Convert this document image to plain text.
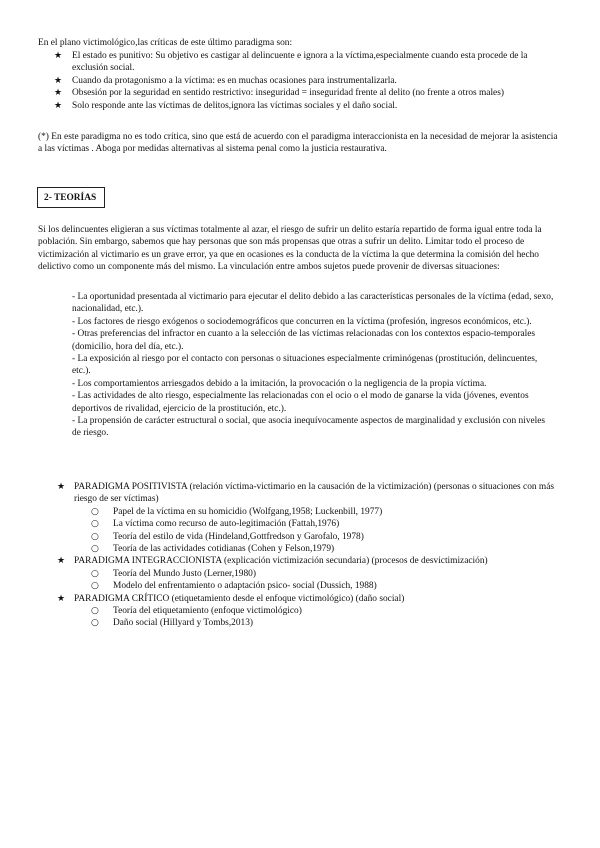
En el plano victimológico,las críticas de este último paradigma son:

★ El estado es punitivo: Su objetivo es castigar al delincuente e ignora a la víctima,especialmente cuando esta procede de la exclusión social.
★ Cuando da protagonismo a la víctima: es en muchas ocasiones para instrumentalizarla.
★ Obsesión por la seguridad en sentido restrictivo: inseguridad = inseguridad frente al delito (no frente a otros males)
★ Solo responde ante las víctimas de delitos,ignora las víctimas sociales y el daño social.

(*) En este paradigma no es todo crítica, sino que está de acuerdo con el paradigma interaccionista en la necesidad de mejorar la asistencia a las víctimas . Aboga por medidas alternativas al sistema penal como la justicia restaurativa.

2- TEORÍAS

Si los delincuentes eligieran a sus víctimas totalmente al azar, el riesgo de sufrir un delito estaría repartido de forma igual entre toda la población. Sin embargo, sabemos que hay personas que son más propensas que otras a sufrir un delito. Limitar todo el proceso de victimización al victimario es un grave error, ya que en ocasiones es la conducta de la víctima la que determina la comisión del hecho delictivo como un componente más del mismo. La vinculación entre ambos sujetos puede provenir de diversas situaciones:

- La oportunidad presentada al victimario para ejecutar el delito debido a las características personales de la víctima (edad, sexo, nacionalidad, etc.).
- Los factores de riesgo exógenos o sociodemográficos que concurren en la víctima (profesión, ingresos económicos, etc.).
- Otras preferencias del infractor en cuanto a la selección de las víctimas relacionadas con los contextos espacio-temporales (domicilio, hora del día, etc.).
- La exposición al riesgo por el contacto con personas o situaciones especialmente criminógenas (prostitución, delincuentes, etc.).
- Los comportamientos arriesgados debido a la imitación, la provocación o la negligencia de la propia víctima.
- Las actividades de alto riesgo, especialmente las relacionadas con el ocio o el modo de ganarse la vida (jóvenes, eventos deportivos de rivalidad, ejercicio de la prostitución, etc.).
- La propensión de carácter estructural o social, que asocia inequívocamente aspectos de marginalidad y exclusión con niveles de riesgo.
★ PARADIGMA POSITIVISTA (relación víctima-victimario en la causación de la victimización) (personas o situaciones con más riesgo de ser víctimas)
○ Papel de la víctima en su homicidio (Wolfgang,1958; Luckenbill, 1977)
○ La víctima como recurso de auto-legitimación (Fattah,1976)
○ Teoría del estilo de vida (Hindeland,Gottfredson y Garofalo, 1978)
○ Teoría de las actividades cotidianas (Cohen y Felson,1979)
★ PARADIGMA INTEGRACCIONISTA (explicación victimización secundaria) (procesos de desvictimización)
○ Teoría del Mundo Justo (Lerner,1980)
○ Modelo del enfrentamiento o adaptación psico- social (Dussich, 1988)
★ PARADIGMA CRÍTICO (etiquetamiento desde el enfoque victimológico) (daño social)
○ Teoría del etiquetamiento (enfoque victimológico)
○ Daño social (Hillyard y Tombs,2013)
